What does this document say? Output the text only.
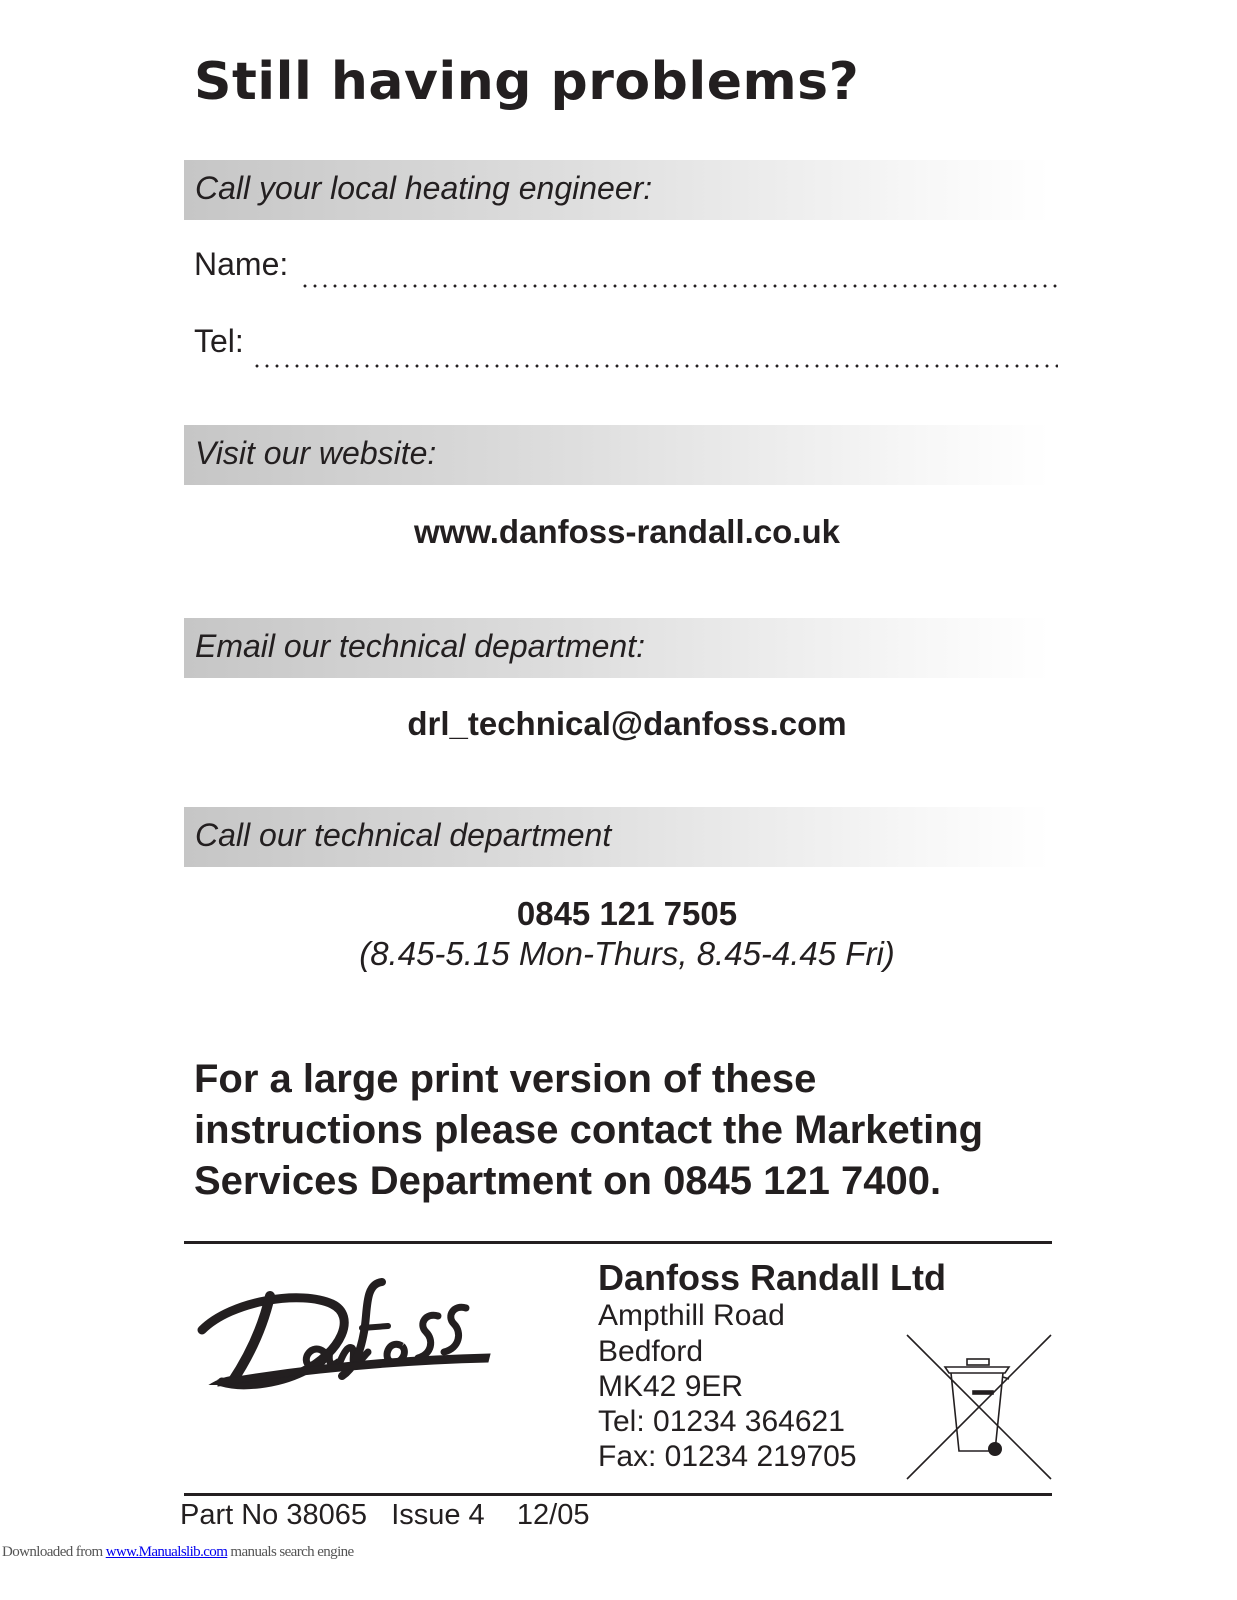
Still having problems?
Call your local heating engineer:
Name:
Tel:
Visit our website:
www.danfoss-randall.co.uk
Email our technical department:
drl_technical@danfoss.com
Call our technical department
0845 121 7505
(8.45-5.15 Mon-Thurs, 8.45-4.45 Fri)

For a large print version of these
instructions please contact the Marketing
Services Department on 0845 121 7400.

Danfoss Randall Ltd
Ampthill Road
Bedford
MK42 9ER
Tel: 01234 364621
Fax: 01234 219705
Part No 38065 Issue 4 12/05
Downloaded from www.Manualslib.com manuals search engine
